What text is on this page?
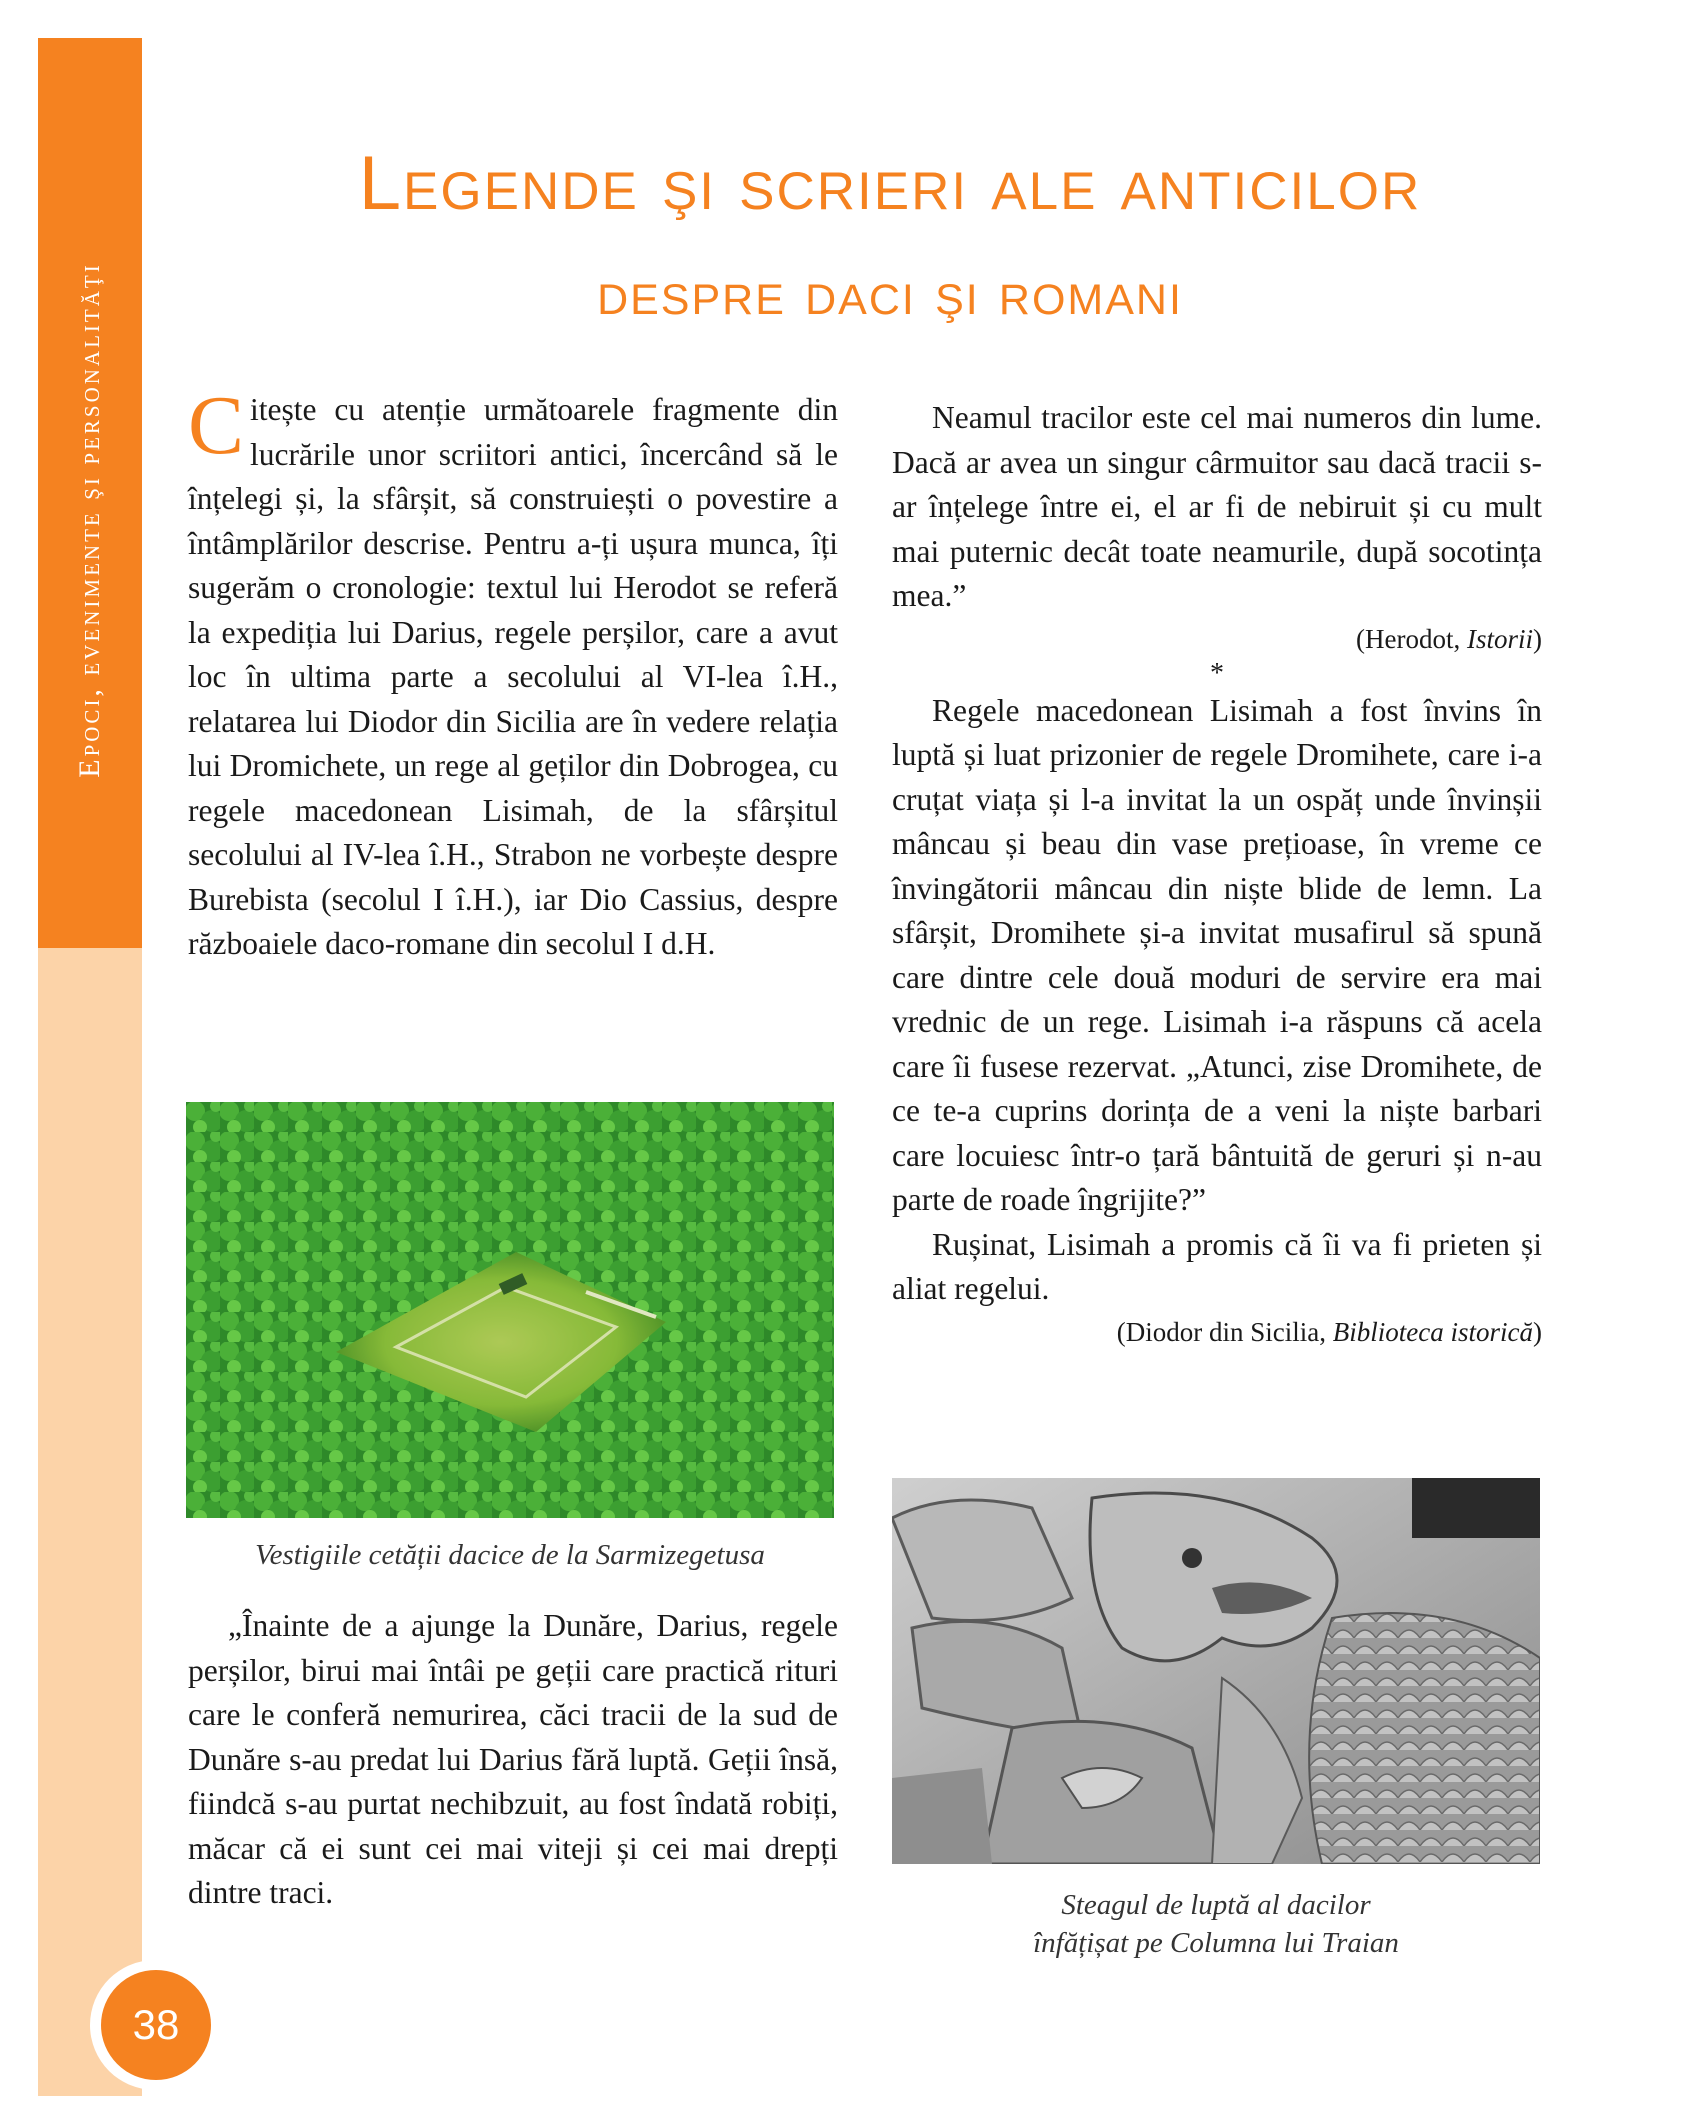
Epoci, evenimente şi personalităţi
38
Legende şi scrieri ale anticilor
despre daci şi romani

Citește cu atenție următoarele fragmente din lucrările unor scriitori antici, încercând să le înțelegi și, la sfârșit, să construiești o povestire a întâmplărilor descrise. Pentru a-ți ușura munca, îți sugerăm o cronologie: textul lui Herodot se referă la expediția lui Darius, regele perșilor, care a avut loc în ultima parte a secolului al VI-lea î.H., relatarea lui Diodor din Sicilia are în vedere relația lui Dromichete, un rege al geților din Dobrogea, cu regele macedonean Lisimah, de la sfârșitul secolului al IV-lea î.H., Strabon ne vorbește despre Burebista (secolul I î.H.), iar Dio Cassius, despre războaiele daco-romane din secolul I d.H.

Vestigiile cetății dacice de la Sarmizegetusa

„Înainte de a ajunge la Dunăre, Darius, regele perșilor, birui mai întâi pe geții care practică rituri care le conferă nemurirea, căci tracii de la sud de Dunăre s-au predat lui Darius fără luptă. Geții însă, fiindcă s-au purtat nechibzuit, au fost îndată robiți, măcar că ei sunt cei mai viteji și cei mai drepți dintre traci.

Neamul tracilor este cel mai numeros din lume. Dacă ar avea un singur cârmuitor sau dacă tracii s-ar înțelege între ei, el ar fi de nebiruit și cu mult mai puternic decât toate neamurile, după socotința mea.”

(Herodot, Istorii)

*

Regele macedonean Lisimah a fost învins în luptă și luat prizonier de regele Dromihete, care i-a cruțat viața și l-a invitat la un ospăț unde învinșii mâncau și beau din vase prețioase, în vreme ce învingătorii mâncau din niște blide de lemn. La sfârșit, Dromihete și-a invitat musafirul să spună care dintre cele două moduri de servire era mai vrednic de un rege. Lisimah i-a răspuns că acela care îi fusese rezervat. „Atunci, zise Dromihete, de ce te-a cuprins dorința de a veni la niște barbari care locuiesc într-o țară bântuită de geruri și n-au parte de roade îngrijite?”

Rușinat, Lisimah a promis că îi va fi prieten și aliat regelui.

(Diodor din Sicilia, Biblioteca istorică)

Steagul de luptă al dacilor
înfățișat pe Columna lui Traian
